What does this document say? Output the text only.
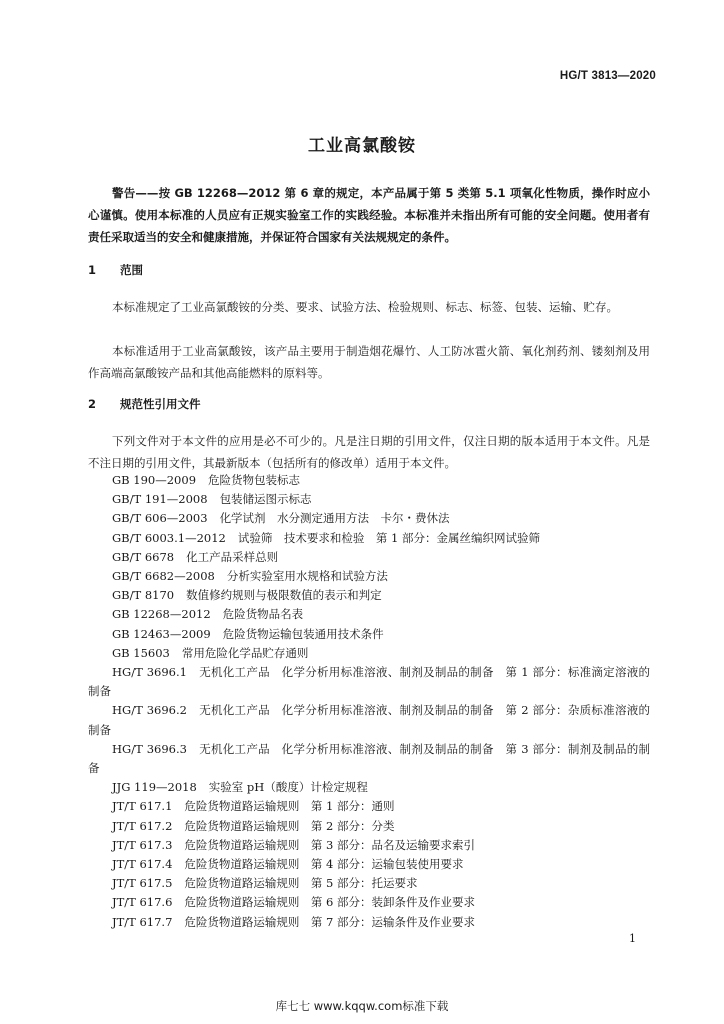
HG/T 3813—2020
工业高氯酸铵
警告——按 GB 12268—2012 第 6 章的规定，本产品属于第 5 类第 5.1 项氧化性物质，操作时应小心谨慎。使用本标准的人员应有正规实验室工作的实践经验。本标准并未指出所有可能的安全问题。使用者有责任采取适当的安全和健康措施，并保证符合国家有关法规规定的条件。
1 范围
本标准规定了工业高氯酸铵的分类、要求、试验方法、检验规则、标志、标签、包装、运输、贮存。
本标准适用于工业高氯酸铵，该产品主要用于制造烟花爆竹、人工防冰雹火箭、氧化剂药剂、镂刻剂及用作高端高氯酸铵产品和其他高能燃料的原料等。
2 规范性引用文件
下列文件对于本文件的应用是必不可少的。凡是注日期的引用文件，仅注日期的版本适用于本文件。凡是不注日期的引用文件，其最新版本（包括所有的修改单）适用于本文件。
GB 190—2009 危险货物包装标志
GB/T 191—2008 包装储运图示标志
GB/T 606—2003 化学试剂　水分测定通用方法　卡尔・费休法
GB/T 6003.1—2012 试验筛　技术要求和检验　第 1 部分：金属丝编织网试验筛
GB/T 6678 化工产品采样总则
GB/T 6682—2008 分析实验室用水规格和试验方法
GB/T 8170 数值修约规则与极限数值的表示和判定
GB 12268—2012 危险货物品名表
GB 12463—2009 危险货物运输包装通用技术条件
GB 15603 常用危险化学品贮存通则
HG/T 3696.1 无机化工产品　化学分析用标准溶液、制剂及制品的制备　第 1 部分：标准滴定溶液的制备
HG/T 3696.2 无机化工产品　化学分析用标准溶液、制剂及制品的制备　第 2 部分：杂质标准溶液的制备
HG/T 3696.3 无机化工产品　化学分析用标准溶液、制剂及制品的制备　第 3 部分：制剂及制品的制备
JJG 119—2018 实验室 pH（酸度）计检定规程
JT/T 617.1 危险货物道路运输规则　第 1 部分：通则
JT/T 617.2 危险货物道路运输规则　第 2 部分：分类
JT/T 617.3 危险货物道路运输规则　第 3 部分：品名及运输要求索引
JT/T 617.4 危险货物道路运输规则　第 4 部分：运输包装使用要求
JT/T 617.5 危险货物道路运输规则　第 5 部分：托运要求
JT/T 617.6 危险货物道路运输规则　第 6 部分：装卸条件及作业要求
JT/T 617.7 危险货物道路运输规则　第 7 部分：运输条件及作业要求
1
库七七 www.kqqw.com标准下载
